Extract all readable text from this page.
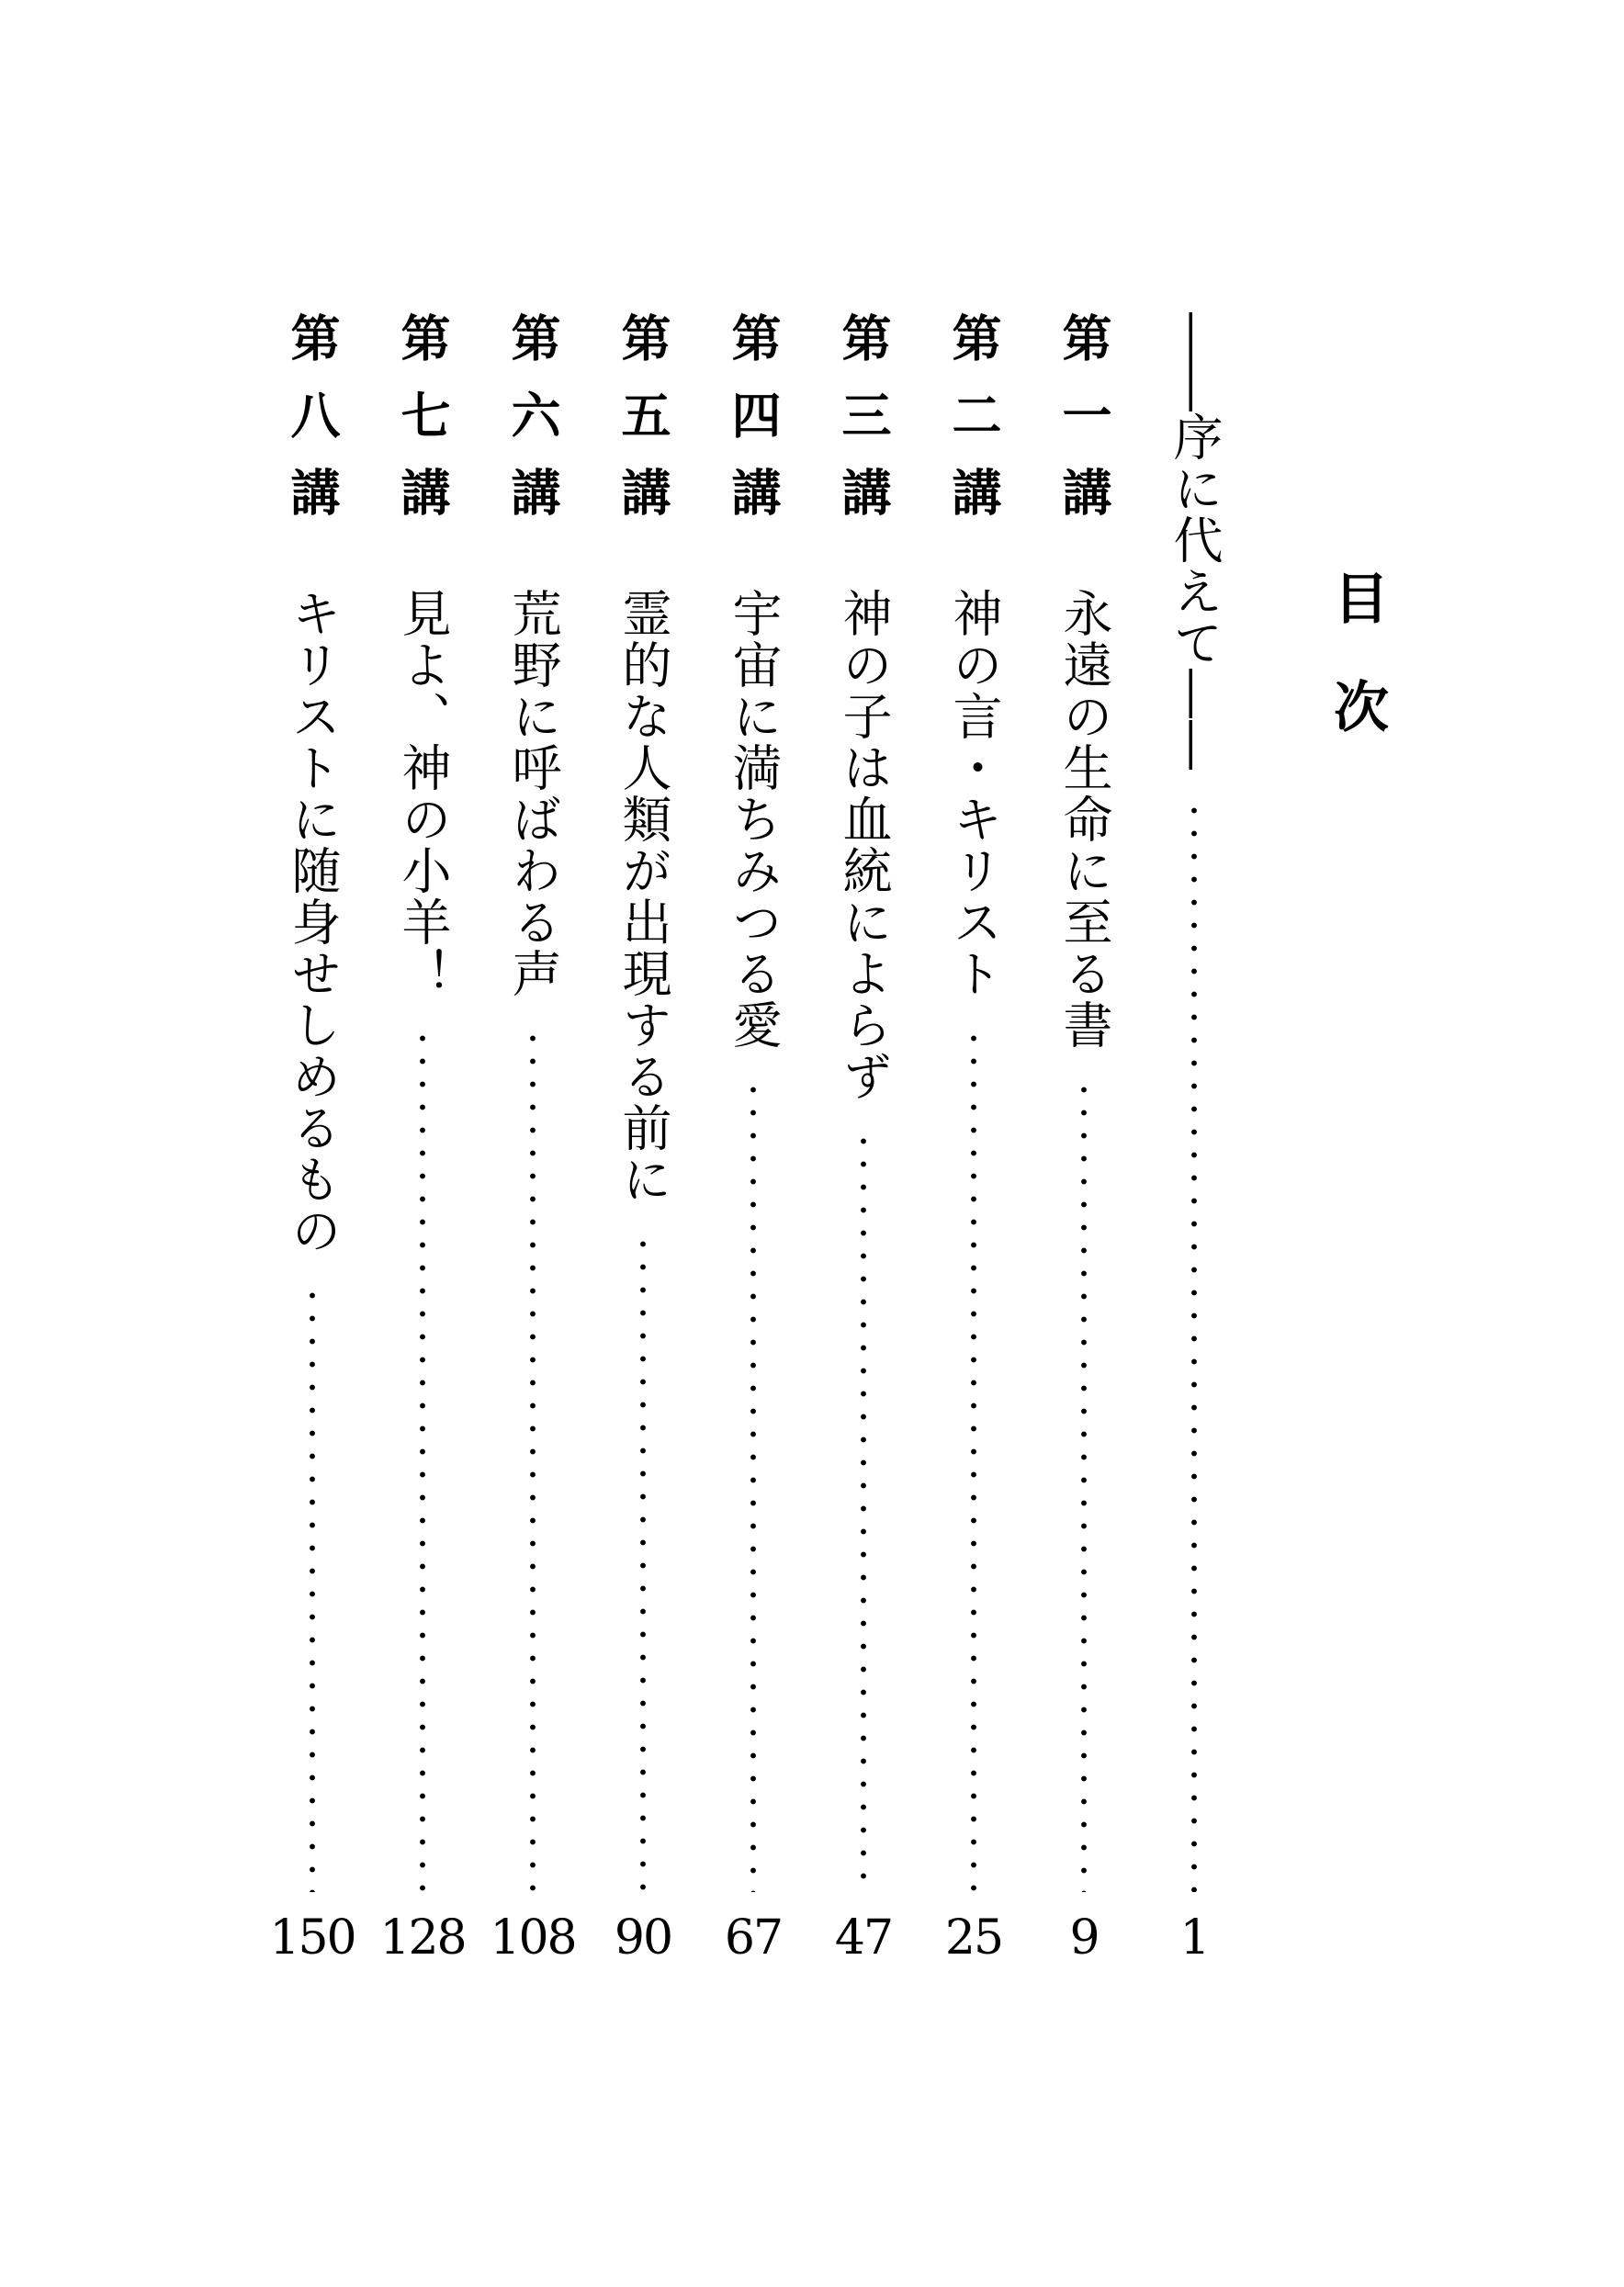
目次
――
序に代えて――
1
第一講
永遠の生命に至る書
9
第二講
神の言・キリスト
25
第三講
神の子は血統によらず
47
第四講
宇宙に満ちみつる愛
67
第五講
霊的な人類が出現する前に
90
第六講
荒野に呼ばわる声
108
第七講
見よ、神の小羊！
128
第八講
キリストに随身せしめるもの
150
